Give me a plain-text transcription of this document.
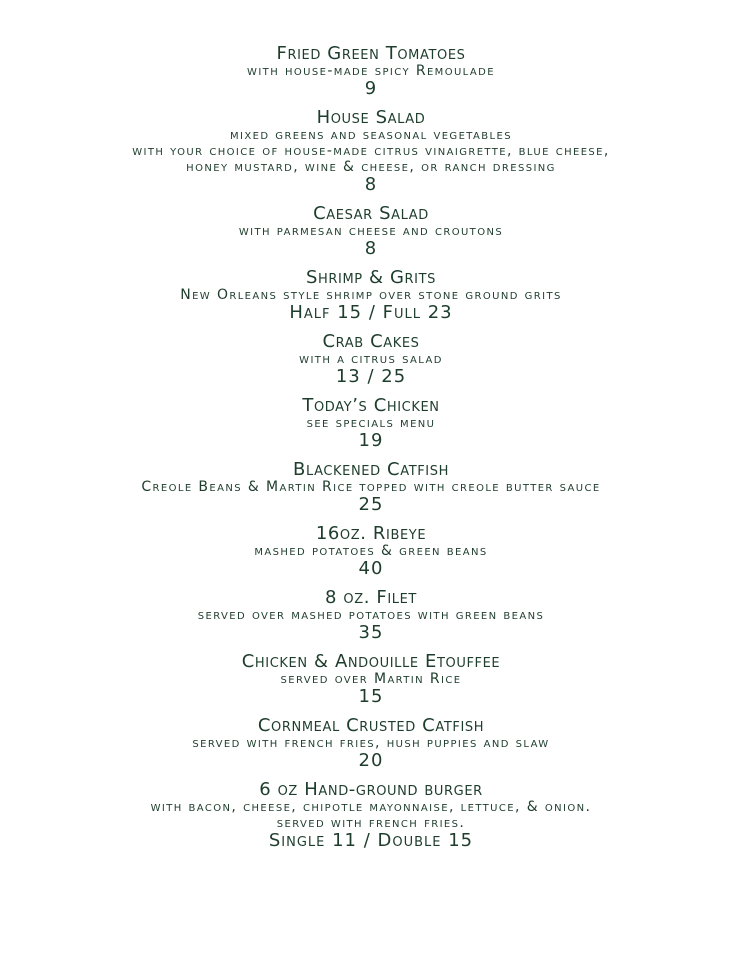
Fried Green Tomatoes
with house-made spicy Remoulade
9
House Salad
mixed greens and seasonal vegetables
with your choice of house-made citrus vinaigrette, blue cheese,
honey mustard, wine & cheese, or ranch dressing
8
Caesar Salad
with parmesan cheese and croutons
8
Shrimp & Grits
New Orleans style shrimp over stone ground grits
Half 15 / Full 23
Crab Cakes
with a citrus salad
13 / 25
Today’s Chicken
see specials menu
19
Blackened Catfish
Creole Beans & Martin Rice topped with creole butter sauce
25
16oz. Ribeye
mashed potatoes & green beans
40
8 oz. Filet
served over mashed potatoes with green beans
35
Chicken & Andouille Etouffee
served over Martin Rice
15
Cornmeal Crusted Catfish
served with french fries, hush puppies and slaw
20
6 oz Hand-ground burger
with bacon, cheese, chipotle mayonnaise, lettuce, & onion.
served with french fries.
Single 11 / Double 15
